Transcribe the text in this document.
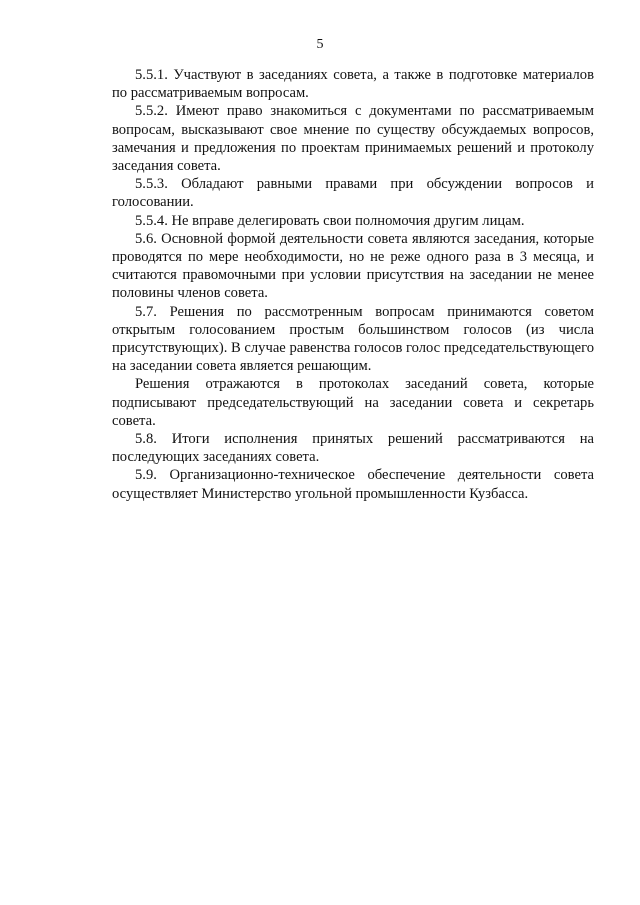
5

5.5.1. Участвуют в заседаниях совета, а также в подготовке материалов по рассматриваемым вопросам.

5.5.2. Имеют право знакомиться с документами по рассматриваемым вопросам, высказывают свое мнение по существу обсуждаемых вопросов, замечания и предложения по проектам принимаемых решений и протоколу заседания совета.

5.5.3. Обладают равными правами при обсуждении вопросов и голосовании.

5.5.4. Не вправе делегировать свои полномочия другим лицам.

5.6. Основной формой деятельности совета являются заседания, которые проводятся по мере необходимости, но не реже одного раза в 3 месяца, и считаются правомочными при условии присутствия на заседании не менее половины членов совета.

5.7. Решения по рассмотренным вопросам принимаются советом открытым голосованием простым большинством голосов (из числа присутствующих). В случае равенства голосов голос председательствующего на заседании совета является решающим.

Решения отражаются в протоколах заседаний совета, которые подписывают председательствующий на заседании совета и секретарь совета.

5.8. Итоги исполнения принятых решений рассматриваются на последующих заседаниях совета.

5.9. Организационно-техническое обеспечение деятельности совета осуществляет Министерство угольной промышленности Кузбасса.
